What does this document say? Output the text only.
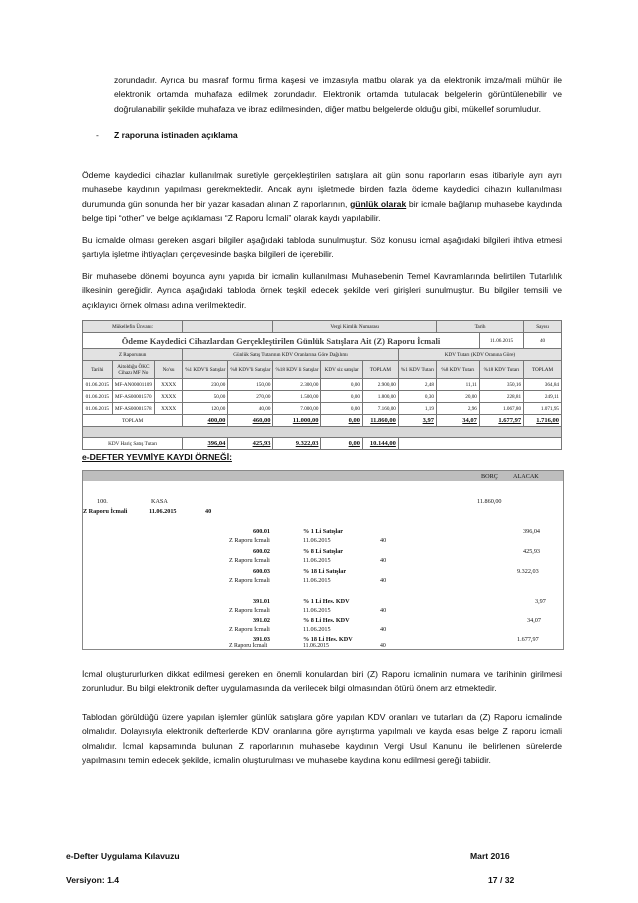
zorundadır. Ayrıca bu masraf formu firma kaşesi ve imzasıyla matbu olarak ya da elektronik imza/mali mühür ile elektronik ortamda muhafaza edilmek zorundadır. Elektronik ortamda tutulacak belgelerin görüntülenebilir ve doğrulanabilir şekilde muhafaza ve ibraz edilmesinden, diğer matbu belgelerde olduğu gibi, mükellef sorumludur.

- Z raporuna istinaden açıklama

Ödeme kaydedici cihazlar kullanılmak suretiyle gerçekleştirilen satışlara ait gün sonu raporların esas itibariyle ayrı ayrı muhasebe kaydının yapılması gerekmektedir. Ancak aynı işletmede birden fazla ödeme kaydedici cihazın kullanılması durumunda gün sonunda her bir yazar kasadan alınan Z raporlarının, günlük olarak bir icmale bağlanıp muhasebe kaydında belge tipi “other” ve belge açıklaması “Z Raporu İcmali” olarak kaydı yapılabilir.

Bu icmalde olması gereken asgari bilgiler aşağıdaki tabloda sunulmuştur. Söz konusu icmal aşağıdaki bilgileri ihtiva etmesi şartıyla işletme ihtiyaçları çerçevesinde başka bilgileri de içerebilir.

Bir muhasebe dönemi boyunca aynı yapıda bir icmalin kullanılması Muhasebenin Temel Kavramlarında belirtilen Tutarlılık ilkesinin gereğidir. Ayrıca aşağıdaki tabloda örnek teşkil edecek şekilde veri girişleri sunulmuştur. Bu bilgiler temsili ve açıklayıcı örnek olması adına verilmektedir.

Mükellefin Ünvanı:					Vergi Kimlik Numarası				Tarih		Sayısı
Ödeme Kaydedici Cihazlardan Gerçekleştirilen Günlük Satışlara Ait (Z) Raporu İcmali										11.06.2015	40
Z Raporunun			Günlük Satış Tutarının KDV Oranlarına Göre Dağılımı					KDV Tutarı (KDV Oranına Göre)			
Tarihi	Aitoldığu ÖKC Cihazı MF No	No'su	%1 KDV'li Satışlar	%8 KDV'li Satışlar	%18 KDV li Satışlar	KDV siz satışlar	TOPLAM	%1 KDV Tutarı	%8 KDV Tutarı	%18 KDV Tutarı	TOPLAM
01.06.2015	MF-AN00001109	XXXX	230,00	150,00	2.300,00	0,00	2.900,00	2,48	11,11	350,16	364,84
01.06.2015	MF-AS00001570	XXXX	50,00	270,00	1.500,00	0,00	1.800,00	0,30	20,00	228,81	249,11
01.06.2015	MF-AS00001578	XXXX	120,00	40,00	7.000,00	0,00	7.160,00	1,19	2,96	1.067,80	1.071,95
TOPLAM			400,00	460,00	11.000,00	0,00	11.860,00	3,97	34,07	1.677,97	1.716,00

KDV Hariç Satış Tutarı			396,04	425,93	9.322,03	0,00	10.144,00				
e-DEFTER YEVMİYE KAYDI ÖRNEĞİ:
BORÇ ALACAK
100.	KASA	11.860,00
Z Raporu İcmali	11.06.2015	40
600.01	% 1 Li Satışlar	396,04
Z Raporu İcmali	11.06.2015	40
600.02	% 8 Li Satışlar	425,93
Z Raporu İcmali	11.06.2015	40
600.03	% 18 Li Satışlar	9.322,03
Z Raporu İcmali	11.06.2015	40
391.01	% 1 Li Hes. KDV	3,97
Z Raporu İcmali	11.06.2015	40
391.02	% 8 Li Hes. KDV	34,07
Z Raporu İcmali	11.06.2015	40
391.03	% 18 Li Hes. KDV	1.677,97
Z Raporu İcmali	11.06.2015	40

İcmal oluştururlurken dikkat edilmesi gereken en önemli konulardan biri (Z) Raporu icmalinin numara ve tarihinin girilmesi zorunludur. Bu bilgi elektronik defter uygulamasında da verilecek bilgi olmasından ötürü önem arz etmektedir.

Tablodan görüldüğü üzere yapılan işlemler günlük satışlara göre yapılan KDV oranları ve tutarları da (Z) Raporu icmalinde olmalıdır. Dolayısıyla elektronik defterlerde KDV oranlarına göre ayrıştırma yapılmalı ve kayda esas belge Z raporu icmali olmalıdır. İcmal kapsamında bulunan Z raporlarının muhasebe kaydının Vergi Usul Kanunu ile belirlenen sürelerde yapılmasını temin edecek şekilde, icmalin oluşturulması ve muhasebe kaydına konu edilmesi gereği tabiidir.

e-Defter Uygulama Kılavuzu	Mart 2016
Versiyon: 1.4	17 / 32
